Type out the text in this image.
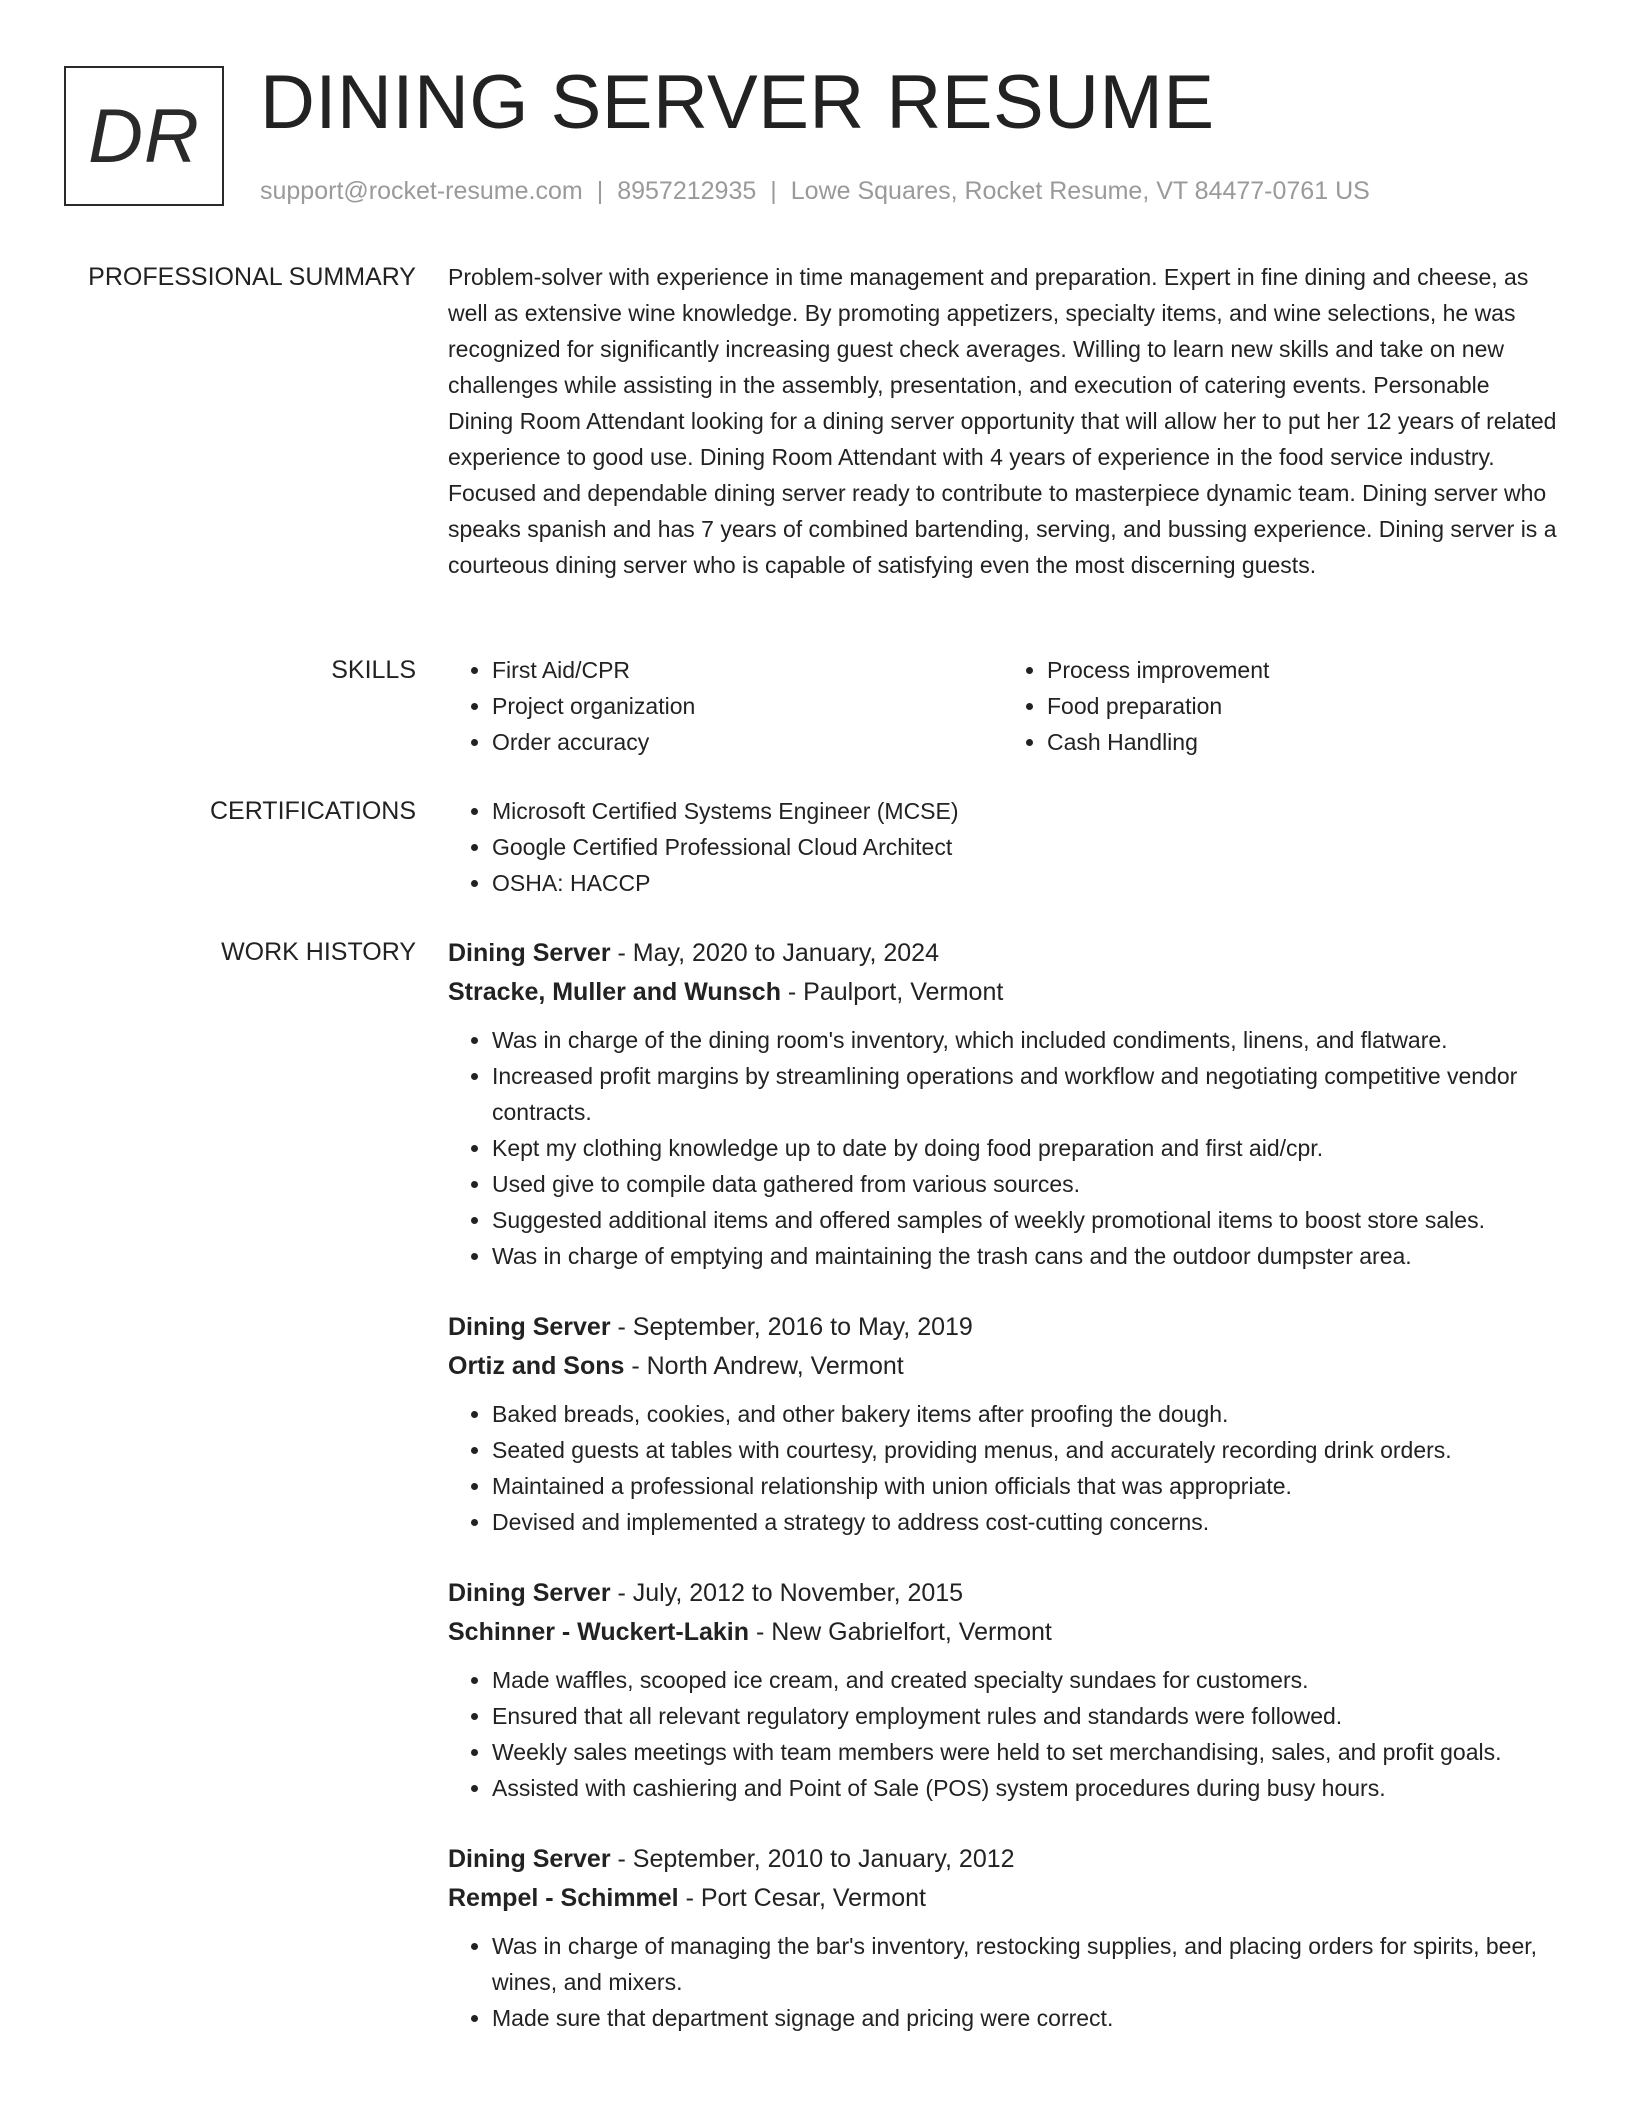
DR DINING SERVER RESUME
support@rocket-resume.com | 8957212935 | Lowe Squares, Rocket Resume, VT 84477-0761 US
PROFESSIONAL SUMMARY Problem-solver with experience in time management and preparation. Expert in fine dining and cheese, as well as extensive wine knowledge. By promoting appetizers, specialty items, and wine selections, he was recognized for significantly increasing guest check averages. Willing to learn new skills and take on new challenges while assisting in the assembly, presentation, and execution of catering events. Personable Dining Room Attendant looking for a dining server opportunity that will allow her to put her 12 years of related experience to good use. Dining Room Attendant with 4 years of experience in the food service industry. Focused and dependable dining server ready to contribute to masterpiece dynamic team. Dining server who speaks spanish and has 7 years of combined bartending, serving, and bussing experience. Dining server is a courteous dining server who is capable of satisfying even the most discerning guests.

SKILLS	• First Aid/CPR
• Project organization
• Order accuracy
• Process improvement
• Food preparation
• Cash Handling
CERTIFICATIONS	• Microsoft Certified Systems Engineer (MCSE)
• Google Certified Professional Cloud Architect
• OSHA: HACCP
WORK HISTORY Dining Server - May, 2020 to January, 2024
Stracke, Muller and Wunsch - Paulport, Vermont
• Was in charge of the dining room's inventory, which included condiments, linens, and flatware.
• Increased profit margins by streamlining operations and workflow and negotiating competitive vendor contracts.
• Kept my clothing knowledge up to date by doing food preparation and first aid/cpr.
• Used give to compile data gathered from various sources.
• Suggested additional items and offered samples of weekly promotional items to boost store sales.
• Was in charge of emptying and maintaining the trash cans and the outdoor dumpster area.
Dining Server - September, 2016 to May, 2019
Ortiz and Sons - North Andrew, Vermont
• Baked breads, cookies, and other bakery items after proofing the dough.
• Seated guests at tables with courtesy, providing menus, and accurately recording drink orders.
• Maintained a professional relationship with union officials that was appropriate.
• Devised and implemented a strategy to address cost-cutting concerns.
Dining Server - July, 2012 to November, 2015
Schinner - Wuckert-Lakin - New Gabrielfort, Vermont
• Made waffles, scooped ice cream, and created specialty sundaes for customers.
• Ensured that all relevant regulatory employment rules and standards were followed.
• Weekly sales meetings with team members were held to set merchandising, sales, and profit goals.
• Assisted with cashiering and Point of Sale (POS) system procedures during busy hours.
Dining Server - September, 2010 to January, 2012
Rempel - Schimmel - Port Cesar, Vermont
• Was in charge of managing the bar's inventory, restocking supplies, and placing orders for spirits, beer, wines, and mixers.
• Made sure that department signage and pricing were correct.
